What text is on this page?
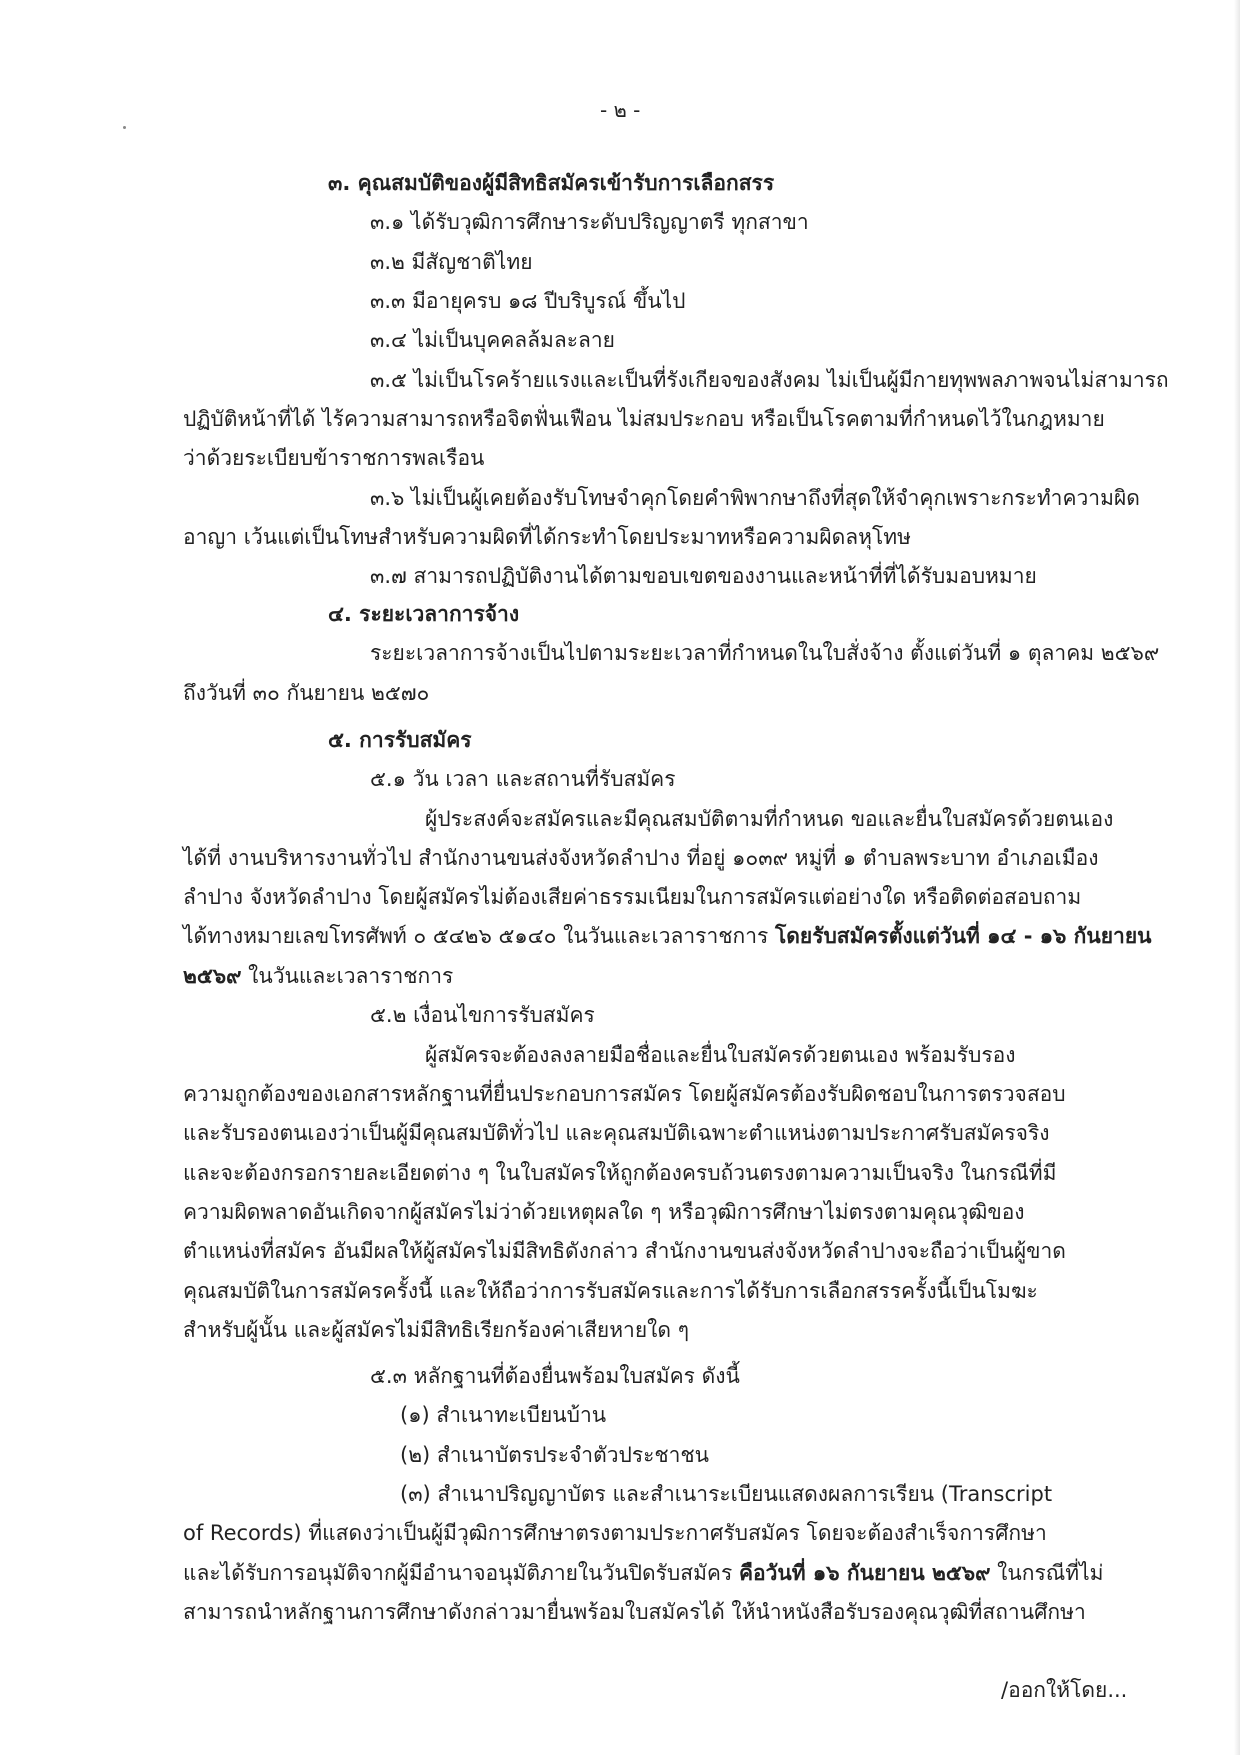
- ๒ -
๓. คุณสมบัติของผู้มีสิทธิสมัครเข้ารับการเลือกสรร
๓.๑ ได้รับวุฒิการศึกษาระดับปริญญาตรี ทุกสาขา
๓.๒ มีสัญชาติไทย
๓.๓ มีอายุครบ ๑๘ ปีบริบูรณ์ ขึ้นไป
๓.๔ ไม่เป็นบุคคลล้มละลาย
๓.๕ ไม่เป็นโรคร้ายแรงและเป็นที่รังเกียจของสังคม ไม่เป็นผู้มีกายทุพพลภาพจนไม่สามารถ
ปฏิบัติหน้าที่ได้ ไร้ความสามารถหรือจิตฟั่นเฟือน ไม่สมประกอบ หรือเป็นโรคตามที่กำหนดไว้ในกฎหมาย
ว่าด้วยระเบียบข้าราชการพลเรือน
๓.๖ ไม่เป็นผู้เคยต้องรับโทษจำคุกโดยคำพิพากษาถึงที่สุดให้จำคุกเพราะกระทำความผิด
อาญา เว้นแต่เป็นโทษสำหรับความผิดที่ได้กระทำโดยประมาทหรือความผิดลหุโทษ
๓.๗ สามารถปฏิบัติงานได้ตามขอบเขตของงานและหน้าที่ที่ได้รับมอบหมาย
๔. ระยะเวลาการจ้าง
ระยะเวลาการจ้างเป็นไปตามระยะเวลาที่กำหนดในใบสั่งจ้าง ตั้งแต่วันที่ ๑ ตุลาคม ๒๕๖๙
ถึงวันที่ ๓๐ กันยายน ๒๕๗๐
๕. การรับสมัคร
๕.๑ วัน เวลา และสถานที่รับสมัคร
ผู้ประสงค์จะสมัครและมีคุณสมบัติตามที่กำหนด ขอและยื่นใบสมัครด้วยตนเอง
ได้ที่ งานบริหารงานทั่วไป สำนักงานขนส่งจังหวัดลำปาง ที่อยู่ ๑๐๓๙ หมู่ที่ ๑ ตำบลพระบาท อำเภอเมือง
ลำปาง จังหวัดลำปาง โดยผู้สมัครไม่ต้องเสียค่าธรรมเนียมในการสมัครแต่อย่างใด หรือติดต่อสอบถาม
ได้ทางหมายเลขโทรศัพท์ ๐ ๕๔๒๖ ๕๑๔๐ ในวันและเวลาราชการ โดยรับสมัครตั้งแต่วันที่ ๑๔ - ๑๖ กันยายน
๒๕๖๙ ในวันและเวลาราชการ
๕.๒ เงื่อนไขการรับสมัคร
ผู้สมัครจะต้องลงลายมือชื่อและยื่นใบสมัครด้วยตนเอง พร้อมรับรอง
ความถูกต้องของเอกสารหลักฐานที่ยื่นประกอบการสมัคร โดยผู้สมัครต้องรับผิดชอบในการตรวจสอบ
และรับรองตนเองว่าเป็นผู้มีคุณสมบัติทั่วไป และคุณสมบัติเฉพาะตำแหน่งตามประกาศรับสมัครจริง
และจะต้องกรอกรายละเอียดต่าง ๆ ในใบสมัครให้ถูกต้องครบถ้วนตรงตามความเป็นจริง ในกรณีที่มี
ความผิดพลาดอันเกิดจากผู้สมัครไม่ว่าด้วยเหตุผลใด ๆ หรือวุฒิการศึกษาไม่ตรงตามคุณวุฒิของ
ตำแหน่งที่สมัคร อันมีผลให้ผู้สมัครไม่มีสิทธิดังกล่าว สำนักงานขนส่งจังหวัดลำปางจะถือว่าเป็นผู้ขาด
คุณสมบัติในการสมัครครั้งนี้ และให้ถือว่าการรับสมัครและการได้รับการเลือกสรรครั้งนี้เป็นโมฆะ
สำหรับผู้นั้น และผู้สมัครไม่มีสิทธิเรียกร้องค่าเสียหายใด ๆ
๕.๓ หลักฐานที่ต้องยื่นพร้อมใบสมัคร ดังนี้
(๑) สำเนาทะเบียนบ้าน
(๒) สำเนาบัตรประจำตัวประชาชน
(๓) สำเนาปริญญาบัตร และสำเนาระเบียนแสดงผลการเรียน (Transcript
of Records) ที่แสดงว่าเป็นผู้มีวุฒิการศึกษาตรงตามประกาศรับสมัคร โดยจะต้องสำเร็จการศึกษา
และได้รับการอนุมัติจากผู้มีอำนาจอนุมัติภายในวันปิดรับสมัคร คือวันที่ ๑๖ กันยายน ๒๕๖๙ ในกรณีที่ไม่
สามารถนำหลักฐานการศึกษาดังกล่าวมายื่นพร้อมใบสมัครได้ ให้นำหนังสือรับรองคุณวุฒิที่สถานศึกษา
/ออกให้โดย...
